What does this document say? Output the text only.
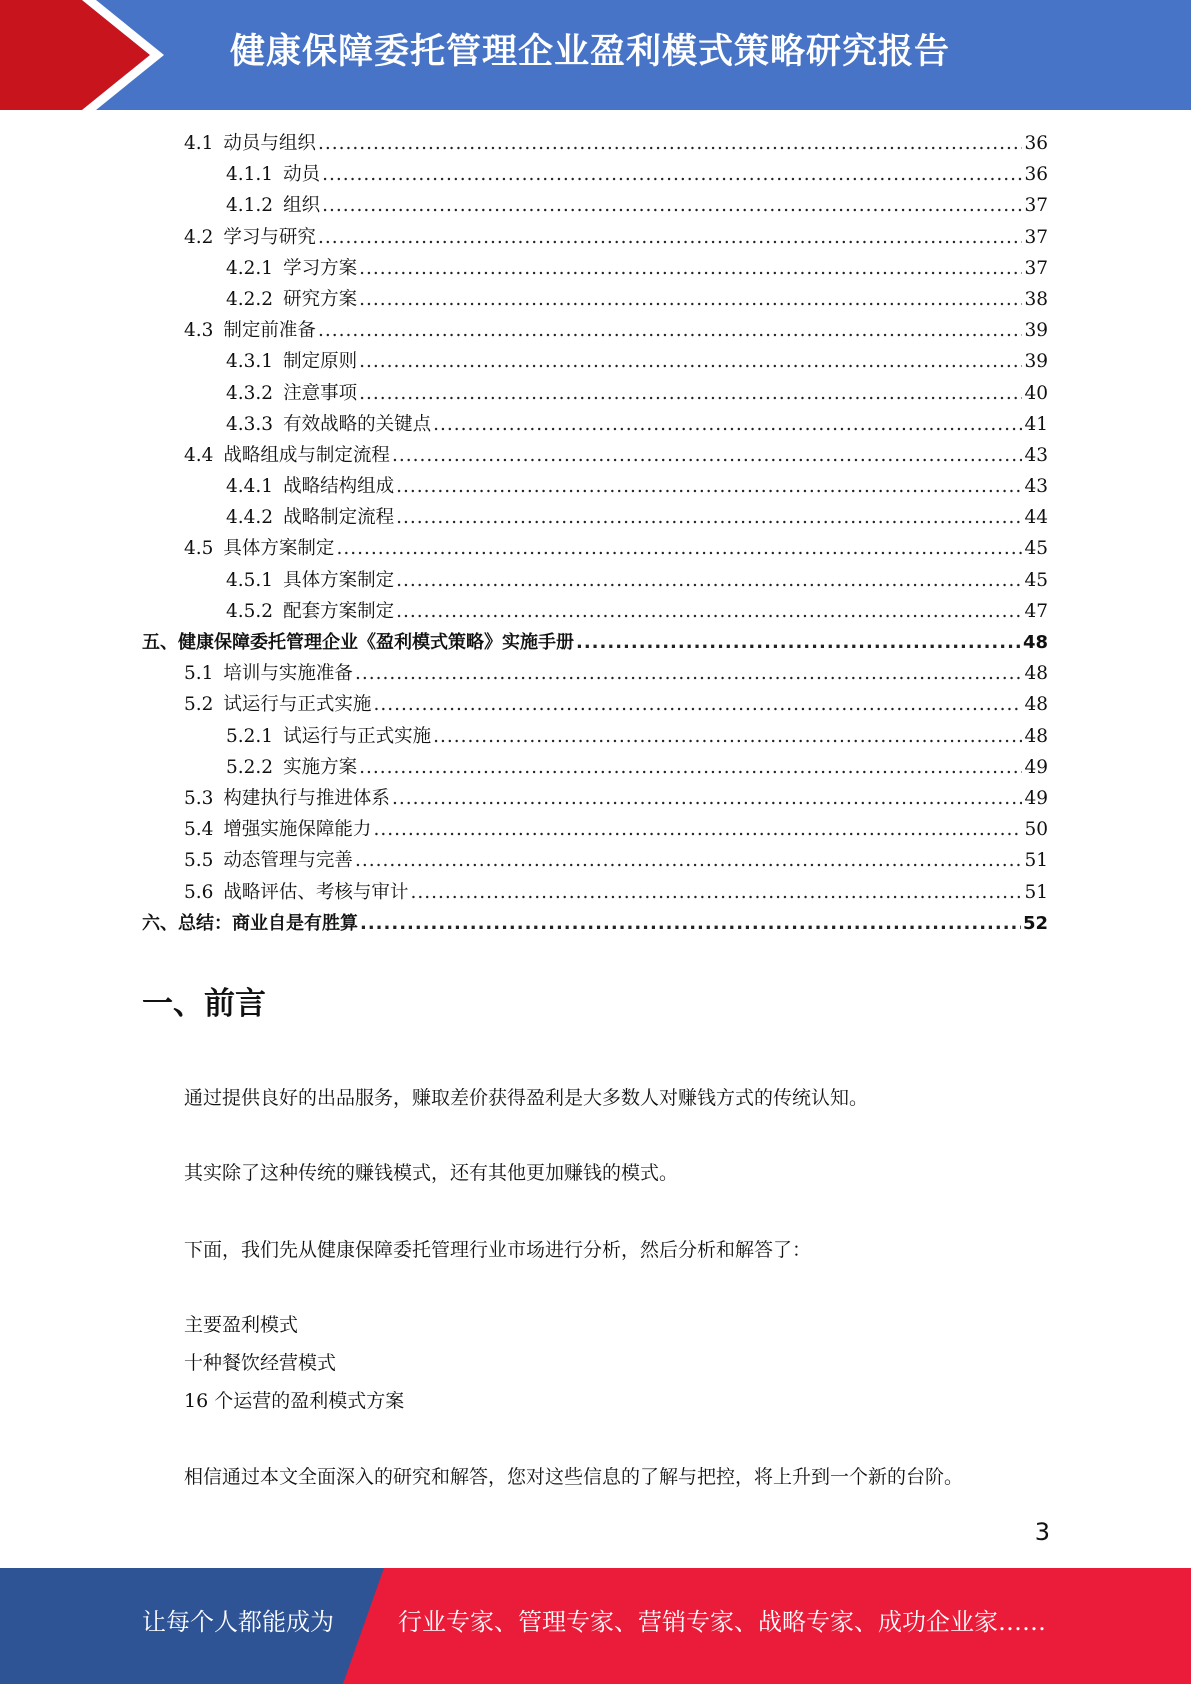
健康保障委托管理企业盈利模式策略研究报告
4.1 动员与组织 .....	36
4.1.1 动员 .....	36
4.1.2 组织 .....	37
4.2 学习与研究 .....	37
4.2.1 学习方案 .....	37
4.2.2 研究方案 .....	38
4.3 制定前准备 .....	39
4.3.1 制定原则 .....	39
4.3.2 注意事项 .....	40
4.3.3 有效战略的关键点 .....	41
4.4 战略组成与制定流程 .....	43
4.4.1 战略结构组成 .....	43
4.4.2 战略制定流程 .....	44
4.5 具体方案制定 .....	45
4.5.1 具体方案制定 .....	45
4.5.2 配套方案制定 .....	47
五、健康保障委托管理企业《盈利模式策略》实施手册 .....	48
5.1 培训与实施准备 .....	48
5.2 试运行与正式实施 .....	48
5.2.1 试运行与正式实施 .....	48
5.2.2 实施方案 .....	49
5.3 构建执行与推进体系 .....	49
5.4 增强实施保障能力 .....	50
5.5 动态管理与完善 .....	51
5.6 战略评估、考核与审计 .....	51
六、总结：商业自是有胜算 .....	52
一、前言
通过提供良好的出品服务，赚取差价获得盈利是大多数人对赚钱方式的传统认知。
其实除了这种传统的赚钱模式，还有其他更加赚钱的模式。
下面，我们先从健康保障委托管理行业市场进行分析，然后分析和解答了：
主要盈利模式
十种餐饮经营模式
16 个运营的盈利模式方案
相信通过本文全面深入的研究和解答，您对这些信息的了解与把控，将上升到一个新的台阶。
3
让每个人都能成为	行业专家、管理专家、营销专家、战略专家、成功企业家……
